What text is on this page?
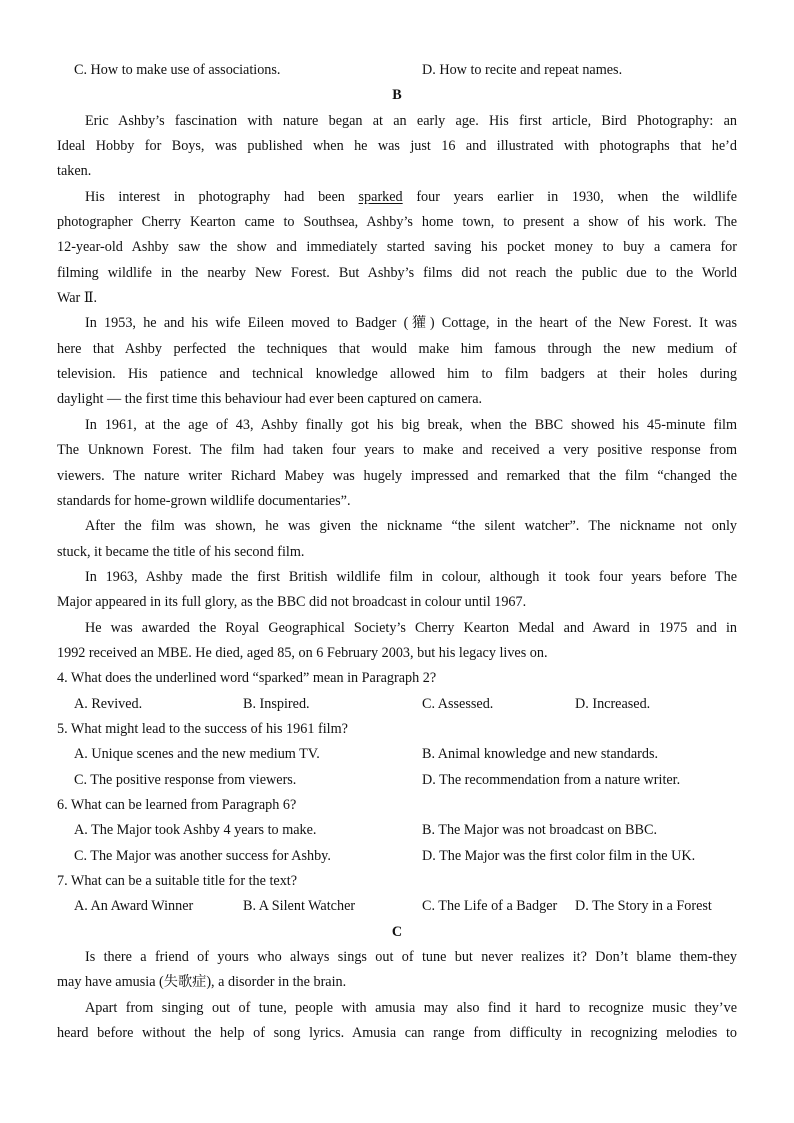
C. How to make use of associations.	D. How to recite and repeat names.
B
Eric Ashby’s fascination with nature began at an early age. His first article, Bird Photography: an
Ideal Hobby for Boys, was published when he was just 16 and illustrated with photographs that he’d
taken.
His interest in photography had been sparked four years earlier in 1930, when the wildlife
photographer Cherry Kearton came to Southsea, Ashby’s home town, to present a show of his work. The
12-year-old Ashby saw the show and immediately started saving his pocket money to buy a camera for
filming wildlife in the nearby New Forest. But Ashby’s films did not reach the public due to the World
War Ⅱ.
In 1953, he and his wife Eileen moved to Badger (獾) Cottage, in the heart of the New Forest. It was
here that Ashby perfected the techniques that would make him famous through the new medium of
television. His patience and technical knowledge allowed him to film badgers at their holes during
daylight — the first time this behaviour had ever been captured on camera.
In 1961, at the age of 43, Ashby finally got his big break, when the BBC showed his 45-minute film
The Unknown Forest. The film had taken four years to make and received a very positive response from
viewers. The nature writer Richard Mabey was hugely impressed and remarked that the film “changed the
standards for home-grown wildlife documentaries”.
After the film was shown, he was given the nickname “the silent watcher”. The nickname not only
stuck, it became the title of his second film.
In 1963, Ashby made the first British wildlife film in colour, although it took four years before The
Major appeared in its full glory, as the BBC did not broadcast in colour until 1967.
He was awarded the Royal Geographical Society’s Cherry Kearton Medal and Award in 1975 and in
1992 received an MBE. He died, aged 85, on 6 February 2003, but his legacy lives on.
4. What does the underlined word “sparked” mean in Paragraph 2?
A. Revived.	B. Inspired.	C. Assessed.	D. Increased.
5. What might lead to the success of his 1961 film?
A. Unique scenes and the new medium TV.	B. Animal knowledge and new standards.
C. The positive response from viewers.	D. The recommendation from a nature writer.
6. What can be learned from Paragraph 6?
A. The Major took Ashby 4 years to make.	B. The Major was not broadcast on BBC.
C. The Major was another success for Ashby.	D. The Major was the first color film in the UK.
7. What can be a suitable title for the text?
A. An Award Winner	B. A Silent Watcher	C. The Life of a Badger D. The Story in a Forest
C
Is there a friend of yours who always sings out of tune but never realizes it? Don’t blame them-they
may have amusia (失歌症), a disorder in the brain.
Apart from singing out of tune, people with amusia may also find it hard to recognize music they’ve
heard before without the help of song lyrics. Amusia can range from difficulty in recognizing melodies to
